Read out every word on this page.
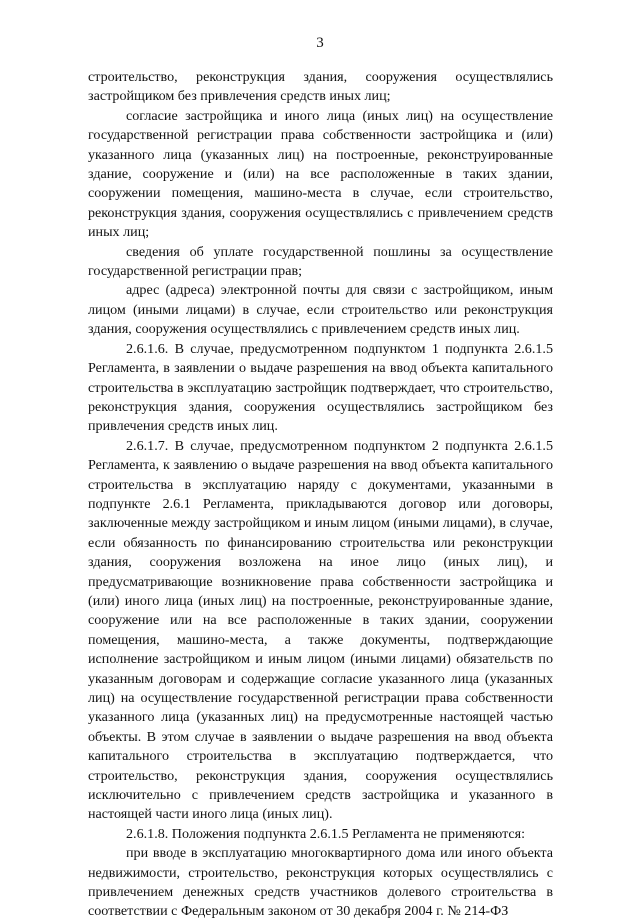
3

строительство, реконструкция здания, сооружения осуществлялись застройщиком без привлечения средств иных лиц;

согласие застройщика и иного лица (иных лиц) на осуществление государственной регистрации права собственности застройщика и (или) указанного лица (указанных лиц) на построенные, реконструированные здание, сооружение и (или) на все расположенные в таких здании, сооружении помещения, машино-места в случае, если строительство, реконструкция здания, сооружения осуществлялись с привлечением средств иных лиц;

сведения об уплате государственной пошлины за осуществление государственной регистрации прав;

адрес (адреса) электронной почты для связи с застройщиком, иным лицом (иными лицами) в случае, если строительство или реконструкция здания, сооружения осуществлялись с привлечением средств иных лиц.

2.6.1.6. В случае, предусмотренном подпунктом 1 подпункта 2.6.1.5 Регламента, в заявлении о выдаче разрешения на ввод объекта капитального строительства в эксплуатацию застройщик подтверждает, что строительство, реконструкция здания, сооружения осуществлялись застройщиком без привлечения средств иных лиц.

2.6.1.7. В случае, предусмотренном подпунктом 2 подпункта 2.6.1.5 Регламента, к заявлению о выдаче разрешения на ввод объекта капитального строительства в эксплуатацию наряду с документами, указанными в подпункте 2.6.1 Регламента, прикладываются договор или договоры, заключенные между застройщиком и иным лицом (иными лицами), в случае, если обязанность по финансированию строительства или реконструкции здания, сооружения возложена на иное лицо (иных лиц), и предусматривающие возникновение права собственности застройщика и (или) иного лица (иных лиц) на построенные, реконструированные здание, сооружение или на все расположенные в таких здании, сооружении помещения, машино-места, а также документы, подтверждающие исполнение застройщиком и иным лицом (иными лицами) обязательств по указанным договорам и содержащие согласие указанного лица (указанных лиц) на осуществление государственной регистрации права собственности указанного лица (указанных лиц) на предусмотренные настоящей частью объекты. В этом случае в заявлении о выдаче разрешения на ввод объекта капитального строительства в эксплуатацию подтверждается, что строительство, реконструкция здания, сооружения осуществлялись исключительно с привлечением средств застройщика и указанного в настоящей части иного лица (иных лиц).

2.6.1.8. Положения подпункта 2.6.1.5 Регламента не применяются:

при вводе в эксплуатацию многоквартирного дома или иного объекта недвижимости, строительство, реконструкция которых осуществлялись с привлечением денежных средств участников долевого строительства в соответствии с Федеральным законом от 30 декабря 2004 г. № 214-ФЗ
